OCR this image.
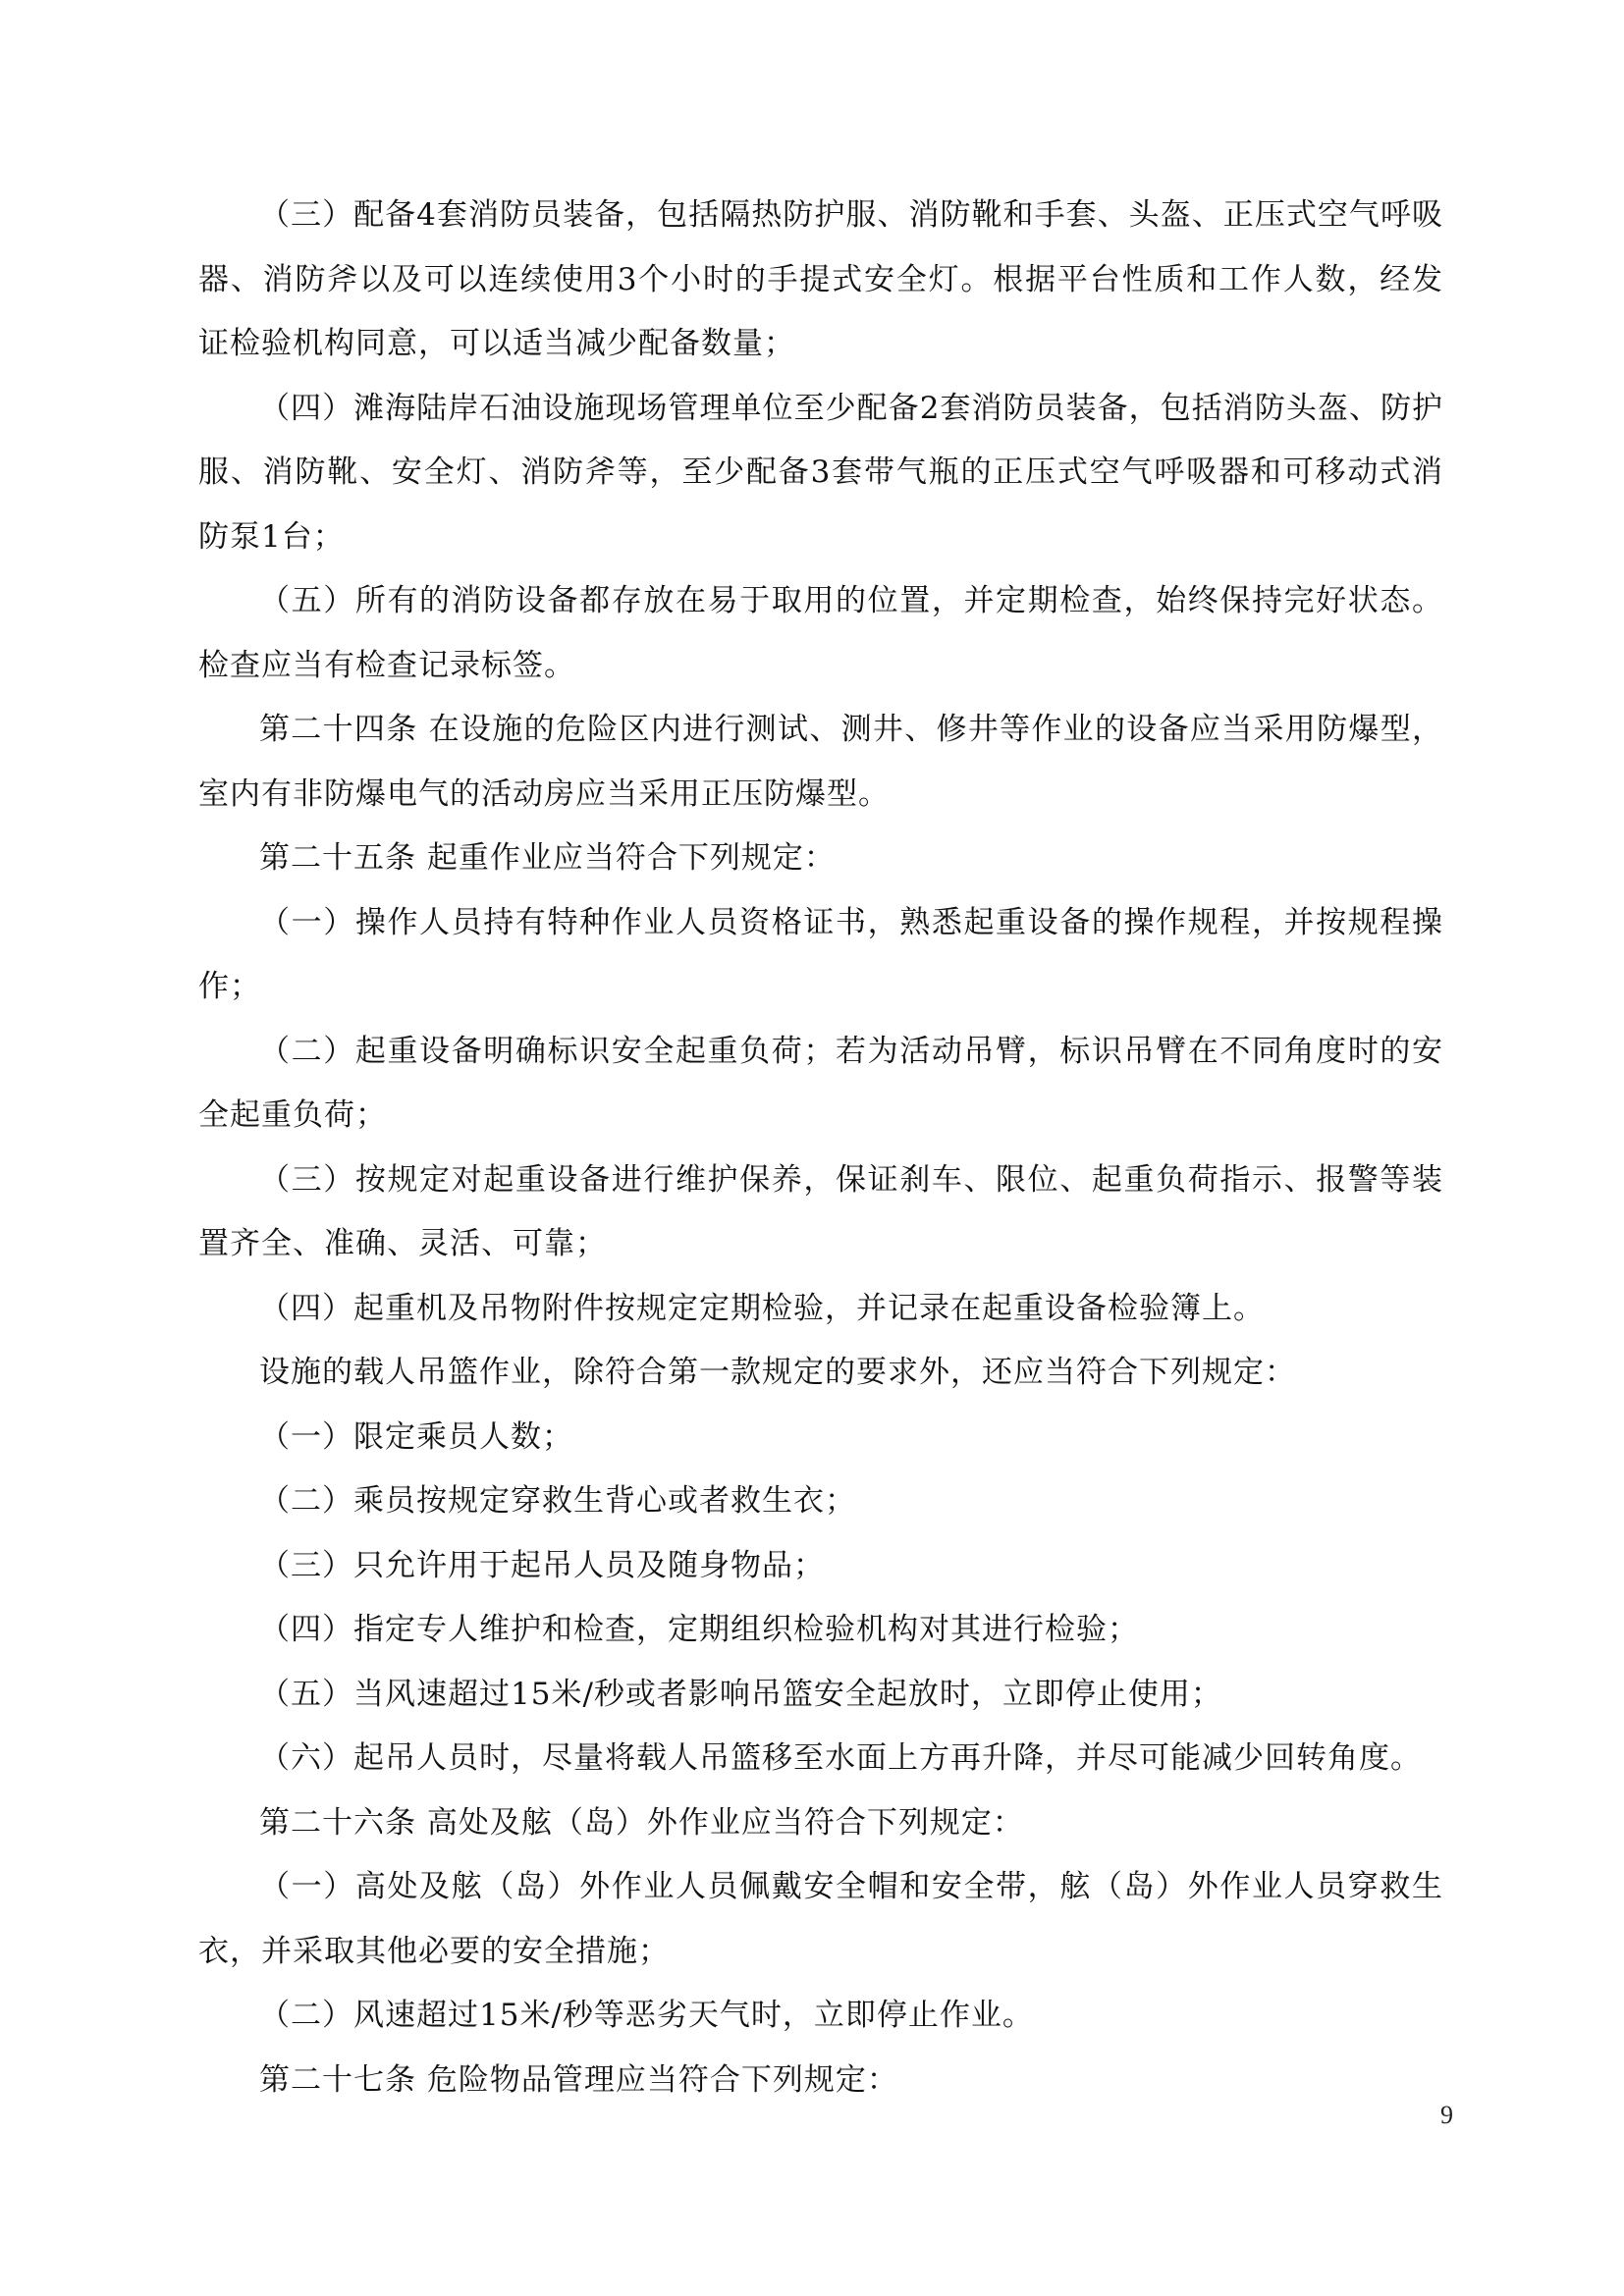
（三）配备4套消防员装备，包括隔热防护服、消防靴和手套、头盔、正压式空气呼吸器、消防斧以及可以连续使用3个小时的手提式安全灯。根据平台性质和工作人数，经发证检验机构同意，可以适当减少配备数量；

（四）滩海陆岸石油设施现场管理单位至少配备2套消防员装备，包括消防头盔、防护服、消防靴、安全灯、消防斧等，至少配备3套带气瓶的正压式空气呼吸器和可移动式消防泵1台；

（五）所有的消防设备都存放在易于取用的位置，并定期检查，始终保持完好状态。检查应当有检查记录标签。

第二十四条 在设施的危险区内进行测试、测井、修井等作业的设备应当采用防爆型，室内有非防爆电气的活动房应当采用正压防爆型。

第二十五条 起重作业应当符合下列规定：

（一）操作人员持有特种作业人员资格证书，熟悉起重设备的操作规程，并按规程操作；

（二）起重设备明确标识安全起重负荷；若为活动吊臂，标识吊臂在不同角度时的安全起重负荷；

（三）按规定对起重设备进行维护保养，保证刹车、限位、起重负荷指示、报警等装置齐全、准确、灵活、可靠；

（四）起重机及吊物附件按规定定期检验，并记录在起重设备检验簿上。

设施的载人吊篮作业，除符合第一款规定的要求外，还应当符合下列规定：

（一）限定乘员人数；

（二）乘员按规定穿救生背心或者救生衣；

（三）只允许用于起吊人员及随身物品；

（四）指定专人维护和检查，定期组织检验机构对其进行检验；

（五）当风速超过15米/秒或者影响吊篮安全起放时，立即停止使用；

（六）起吊人员时，尽量将载人吊篮移至水面上方再升降，并尽可能减少回转角度。

第二十六条 高处及舷（岛）外作业应当符合下列规定：

（一）高处及舷（岛）外作业人员佩戴安全帽和安全带，舷（岛）外作业人员穿救生衣，并采取其他必要的安全措施；

（二）风速超过15米/秒等恶劣天气时，立即停止作业。

第二十七条 危险物品管理应当符合下列规定：

9
